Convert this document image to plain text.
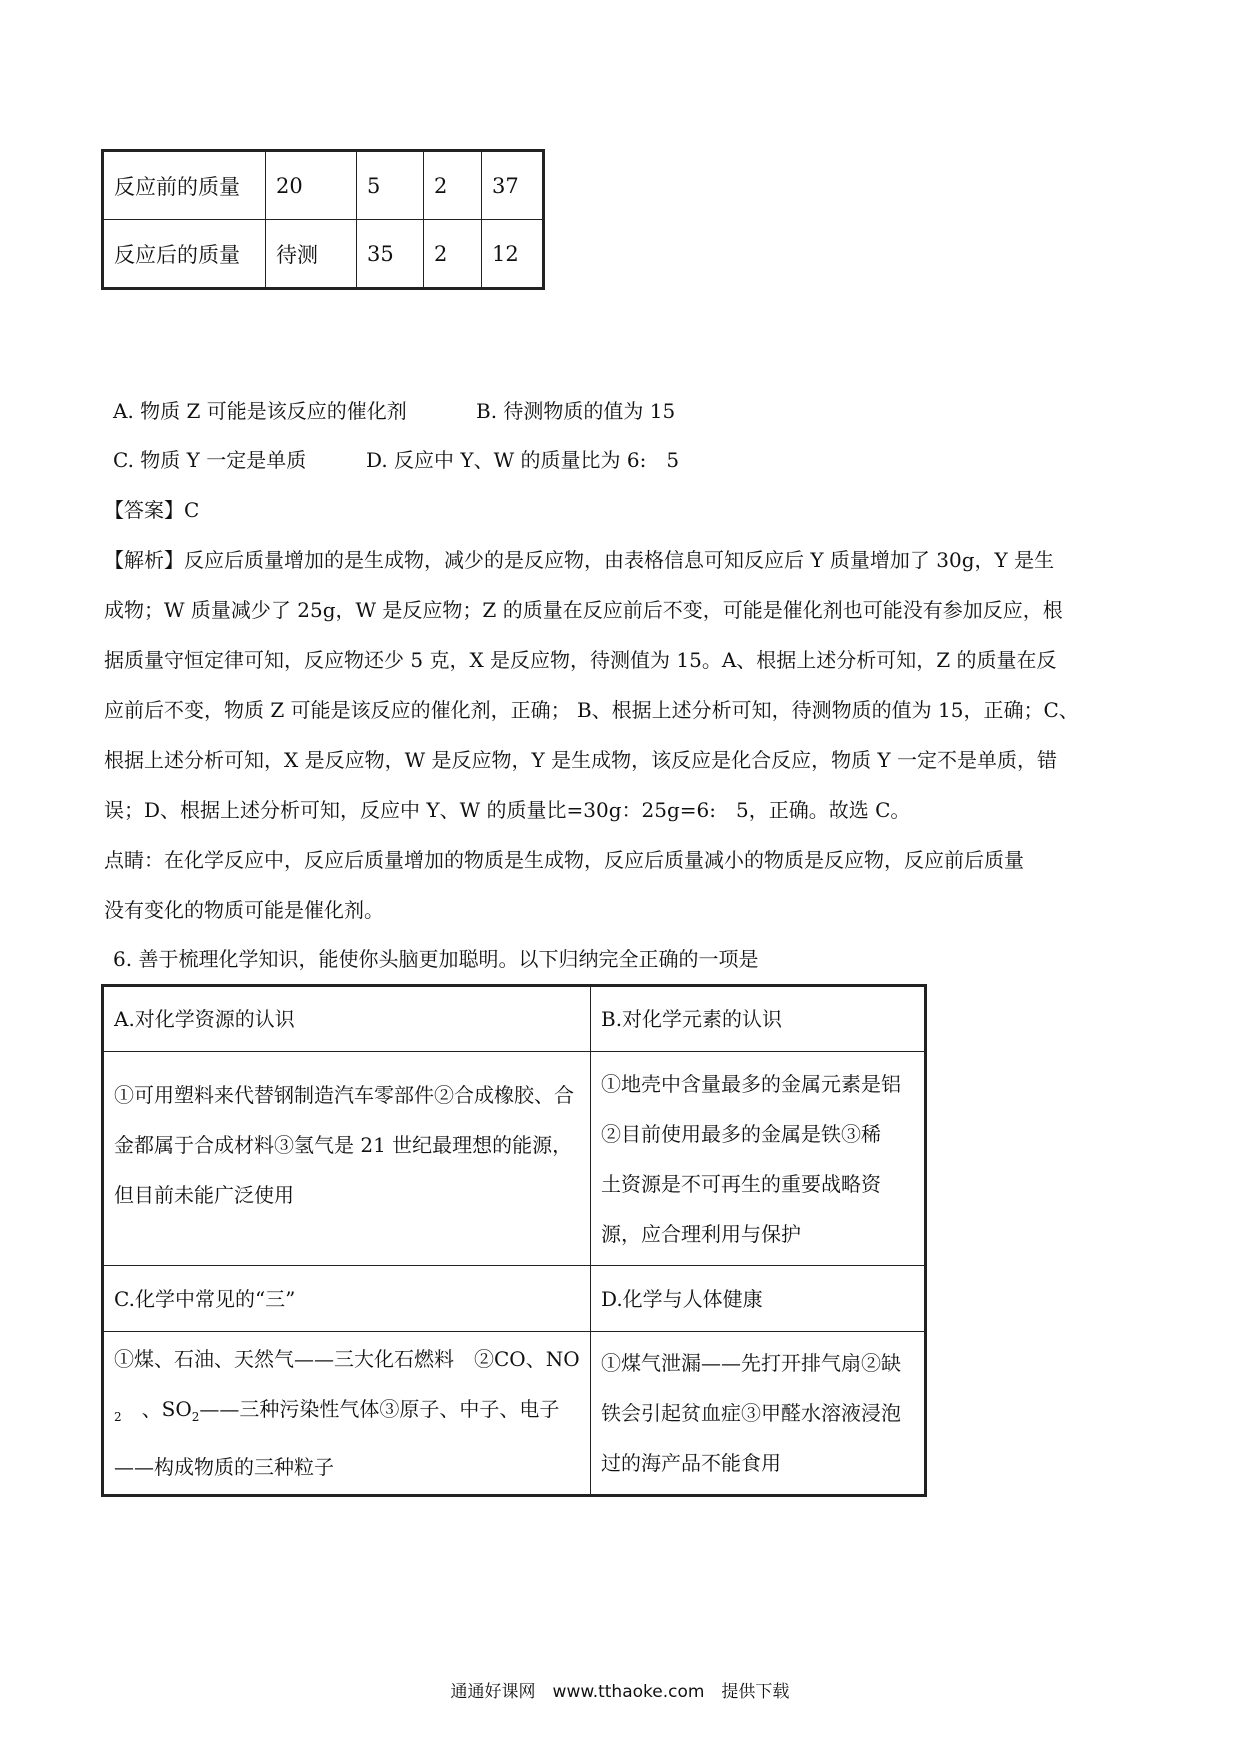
反应前的质量	20	5	2	37
反应后的质量	待测	35	2	12
A. 物质 Z 可能是该反应的催化剂	B. 待测物质的值为 15
C. 物质 Y 一定是单质	D. 反应中 Y、W 的质量比为 6:　5
【答案】C
【解析】反应后质量增加的是生成物，减少的是反应物，由表格信息可知反应后 Y 质量增加了 30g，Y 是生
成物；W 质量减少了 25g，W 是反应物；Z 的质量在反应前后不变，可能是催化剂也可能没有参加反应，根
据质量守恒定律可知，反应物还少 5 克，X 是反应物，待测值为 15。A、根据上述分析可知，Z 的质量在反
应前后不变，物质 Z 可能是该反应的催化剂，正确； B、根据上述分析可知，待测物质的值为 15，正确；C、
根据上述分析可知，X 是反应物，W 是反应物，Y 是生成物，该反应是化合反应，物质 Y 一定不是单质，错
误；D、根据上述分析可知，反应中 Y、W 的质量比=30g：25g=6:　5，正确。故选 C。
点睛：在化学反应中，反应后质量增加的物质是生成物，反应后质量减小的物质是反应物，反应前后质量
没有变化的物质可能是催化剂。
6. 善于梳理化学知识，能使你头脑更加聪明。以下归纳完全正确的一项是
A.对化学资源的认识	B.对化学元素的认识

①可用塑料来代替钢制造汽车零部件②合成橡胶、合金都属于合成材料③氢气是 21 世纪最理想的能源，但目前未能广泛使用	①地壳中含量最多的金属元素是铝②目前使用最多的金属是铁③稀　土资源是不可再生的重要战略资源，应合理利用与保护

C.化学中常见的“三”	D.化学与人体健康

①煤、石油、天然气——三大化石燃料　②CO、$NO_2$　、$SO_2——$三种污染性气体③原子、中子、电子——构成物质的三种粒子	①煤气泄漏——先打开排气扇②缺铁会引起贫血症③甲醛水溶液浸泡过的海产品不能食用
通通好课网　www.tthaoke.com　提供下载
